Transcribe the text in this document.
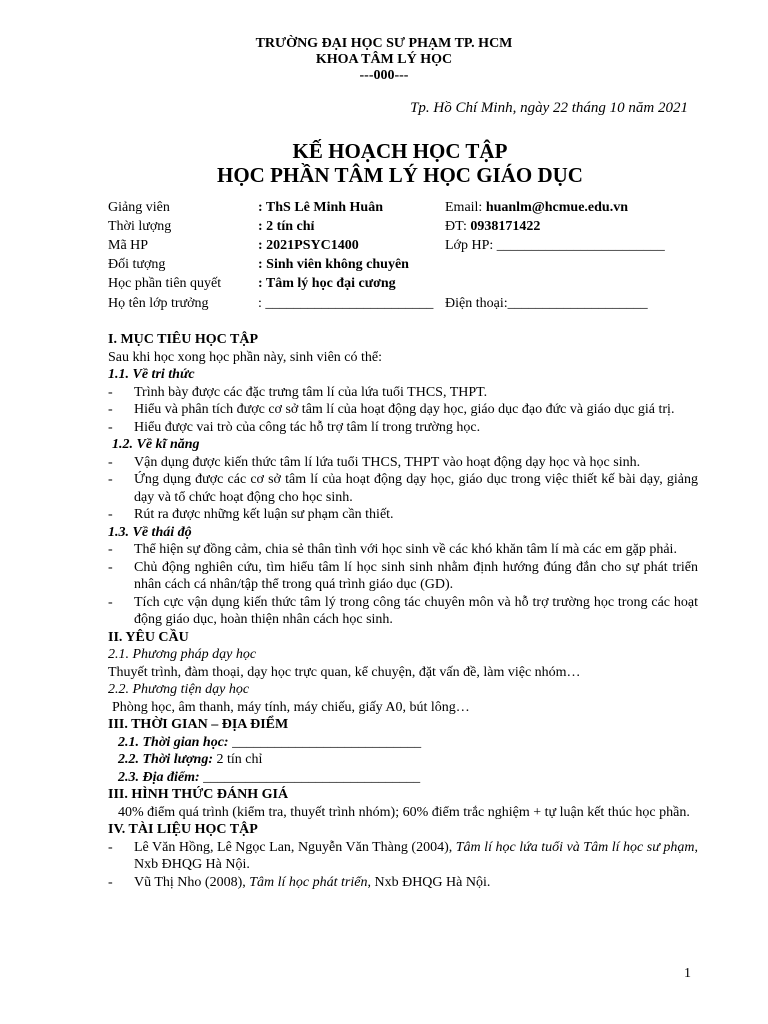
TRƯỜNG ĐẠI HỌC SƯ PHẠM TP. HCM
KHOA TÂM LÝ HỌC
---000---
Tp. Hồ Chí Minh, ngày 22 tháng 10 năm 2021
KẾ HOẠCH HỌC TẬP
HỌC PHẦN TÂM LÝ HỌC GIÁO DỤC
Giảng viên	: ThS Lê Minh Huân	Email: huanlm@hcmue.edu.vn
Thời lượng	: 2 tín chỉ	ĐT: 0938171422
Mã HP	: 2021PSYC1400	Lớp HP: ________________________
Đối tượng	: Sinh viên không chuyên
Học phần tiên quyết	: Tâm lý học đại cương
Họ tên lớp trưởng	: ________________________ Điện thoại:____________________

I. MỤC TIÊU HỌC TẬP

Sau khi học xong học phần này, sinh viên có thể:

1.1. Về tri thức

- Trình bày được các đặc trưng tâm lí của lứa tuổi THCS, THPT.

- Hiểu và phân tích được cơ sở tâm lí của hoạt động dạy học, giáo dục đạo đức và giáo dục giá trị.

- Hiểu được vai trò của công tác hỗ trợ tâm lí trong trường học.

1.2. Về kĩ năng

- Vận dụng được kiến thức tâm lí lứa tuổi THCS, THPT vào hoạt động dạy học và học sinh.

- Ứng dụng được các cơ sở tâm lí của hoạt động dạy học, giáo dục trong việc thiết kế bài dạy, giảng dạy và tổ chức hoạt động cho học sinh.

- Rút ra được những kết luận sư phạm cần thiết.

1.3. Về thái độ

- Thể hiện sự đồng cảm, chia sẻ thân tình với học sinh về các khó khăn tâm lí mà các em gặp phải.

- Chủ động nghiên cứu, tìm hiểu tâm lí học sinh sinh nhằm định hướng đúng đắn cho sự phát triển nhân cách cá nhân/tập thể trong quá trình giáo dục (GD).

- Tích cực vận dụng kiến thức tâm lý trong công tác chuyên môn và hỗ trợ trường học trong các hoạt động giáo dục, hoàn thiện nhân cách học sinh.

II. YÊU CẦU

2.1. Phương pháp dạy học

Thuyết trình, đàm thoại, dạy học trực quan, kể chuyện, đặt vấn đề, làm việc nhóm…

2.2. Phương tiện dạy học

Phòng học, âm thanh, máy tính, máy chiếu, giấy A0, bút lông…

III. THỜI GIAN – ĐỊA ĐIỂM

2.1. Thời gian học: ___________________________

2.2. Thời lượng: 2 tín chỉ

2.3. Địa điểm: _______________________________

III. HÌNH THỨC ĐÁNH GIÁ

40% điểm quá trình (kiểm tra, thuyết trình nhóm); 60% điểm trắc nghiệm + tự luận kết thúc học phần.

IV. TÀI LIỆU HỌC TẬP

- Lê Văn Hồng, Lê Ngọc Lan, Nguyễn Văn Thàng (2004), Tâm lí học lứa tuổi và Tâm lí học sư phạm, Nxb ĐHQG Hà Nội.

- Vũ Thị Nho (2008), Tâm lí học phát triển, Nxb ĐHQG Hà Nội.

1
